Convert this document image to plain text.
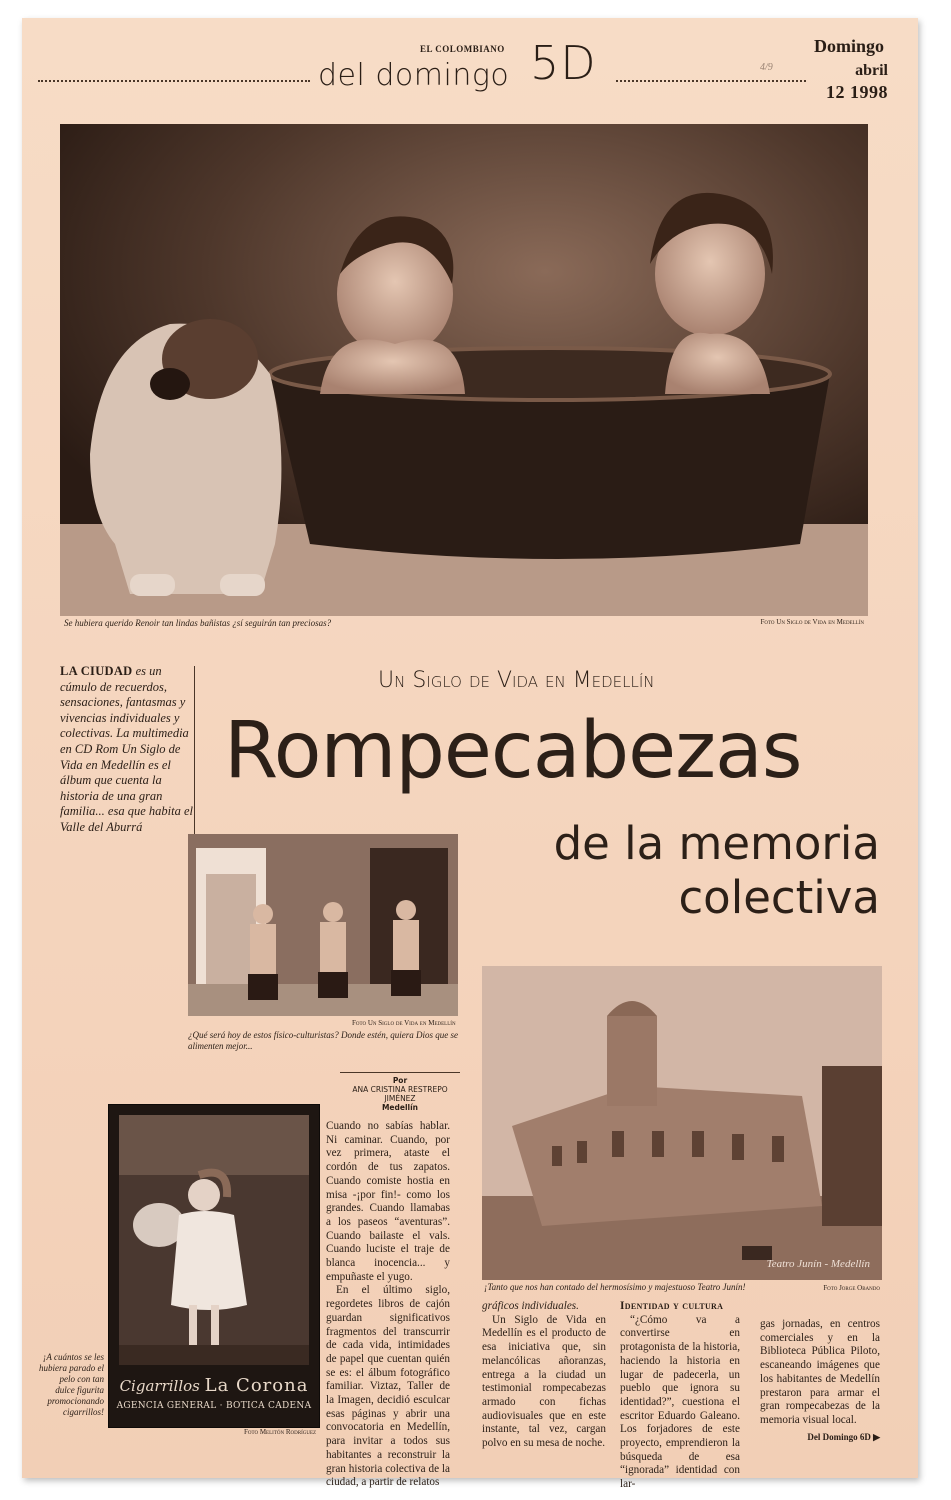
EL COLOMBIANO
del domingo 5D	4/9
Domingo
abril
12 1998
Se hubiera querido Renoir tan lindas bañistas ¿sí seguirán tan preciosas?	Foto Un Siglo de Vida en Medellín
LA CIUDAD es un cúmulo de recuerdos, sensaciones, fantasmas y vivencias individuales y colectivas. La multimedia en CD Rom Un Siglo de Vida en Medellín es el álbum que cuenta la historia de una gran familia... esa que habita el Valle del Aburrá
Un Siglo de Vida en Medellín
Rompecabezas
de la memoria
colectiva
Foto Un Siglo de Vida en Medellín
¿Qué será hoy de estos físico-culturistas? Donde estén, quiera Dios que se alimenten mejor...
Teatro Junín - Medellín
¡Tanto que nos han contado del hermosísimo y majestuoso Teatro Junín!	Foto Jorge Obando
Por
ANA CRISTINA RESTREPO JIMÉNEZ
Medellín
Cigarrillos La Corona
AGENCIA GENERAL · BOTICA CADENA
Foto Melitón Rodríguez
¡A cuántos se les hubiera parado el pelo con tan dulce figurita promocionando cigarrillos!

Cuando no sabías hablar. Ni caminar. Cuando, por vez primera, ataste el cordón de tus zapatos. Cuando comiste hostia en misa -¡por fin!- como los grandes. Cuando llamabas a los paseos “aventuras”. Cuando bailaste el vals. Cuando luciste el traje de blanca inocencia... y empuñaste el yugo.

En el último siglo, regordetes libros de cajón guardan significativos fragmentos del transcurrir de cada vida, intimidades de papel que cuentan quién se es: el álbum fotográfico familiar. Viztaz, Taller de la Imagen, decidió esculcar esas páginas y abrir una convocatoria en Medellín, para invitar a todos sus habitantes a reconstruir la gran historia colectiva de la ciudad, a partir de relatos

gráficos individuales.

Un Siglo de Vida en Medellín es el producto de esa iniciativa que, sin melancólicas añoranzas, entrega a la ciudad un testimonial rompecabezas armado con fichas audiovisuales que en este instante, tal vez, cargan polvo en su mesa de noche.

Identidad y cultura

“¿Cómo va a convertirse en protagonista de la historia, haciendo la historia en lugar de padecerla, un pueblo que ignora su identidad?”, cuestiona el escritor Eduardo Galeano. Los forjadores de este proyecto, emprendieron la búsqueda de esa “ignorada” identidad con lar-

gas jornadas, en centros comerciales y en la Biblioteca Pública Piloto, escaneando imágenes que los habitantes de Medellín prestaron para armar el gran rompecabezas de la memoria visual local.

Del Domingo 6D ▶
